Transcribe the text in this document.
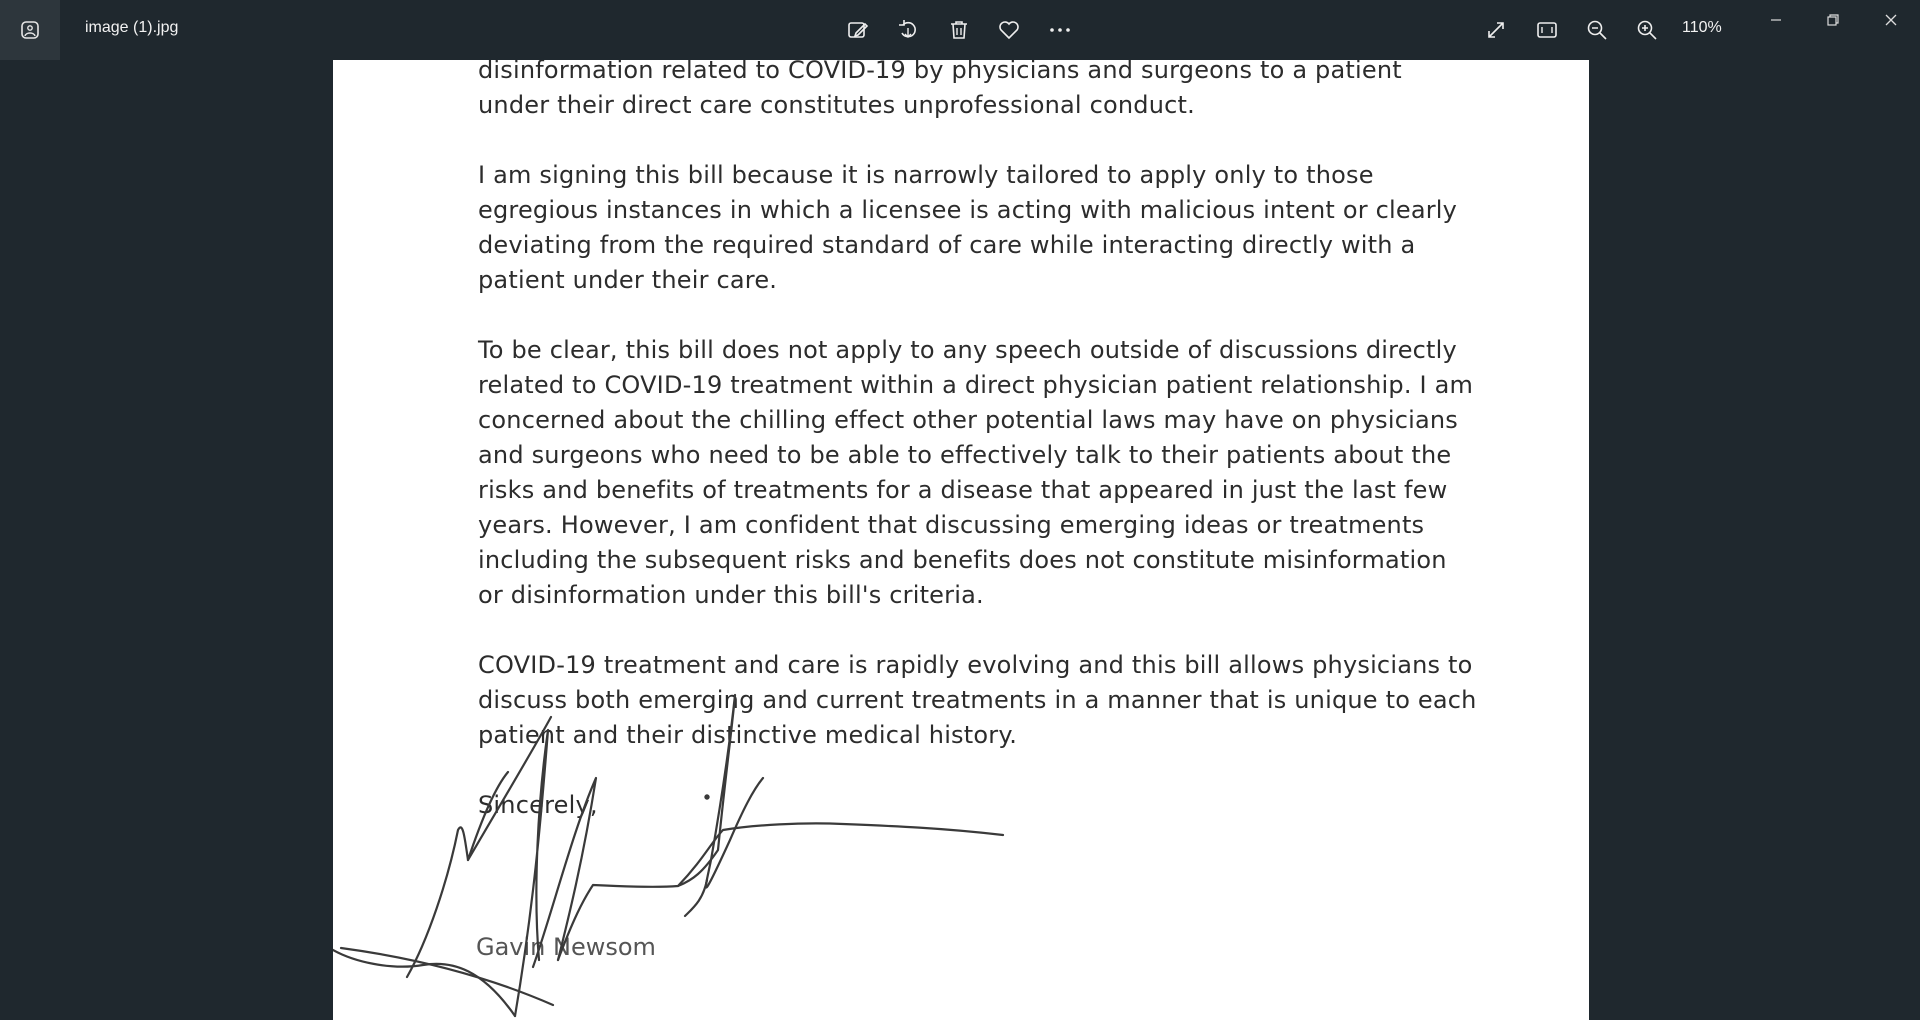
image (1).jpg	110%

disinformation related to COVID-19 by physicians and surgeons to a patient under their direct care constitutes unprofessional conduct.

I am signing this bill because it is narrowly tailored to apply only to those egregious instances in which a licensee is acting with malicious intent or clearly deviating from the required standard of care while interacting directly with a patient under their care.

To be clear, this bill does not apply to any speech outside of discussions directly related to COVID-19 treatment within a direct physician patient relationship. I am concerned about the chilling effect other potential laws may have on physicians and surgeons who need to be able to effectively talk to their patients about the risks and benefits of treatments for a disease that appeared in just the last few years. However, I am confident that discussing emerging ideas or treatments including the subsequent risks and benefits does not constitute misinformation or disinformation under this bill's criteria.

COVID-19 treatment and care is rapidly evolving and this bill allows physicians to discuss both emerging and current treatments in a manner that is unique to each patient and their distinctive medical history.

Sincerely,

Gavin Newsom
